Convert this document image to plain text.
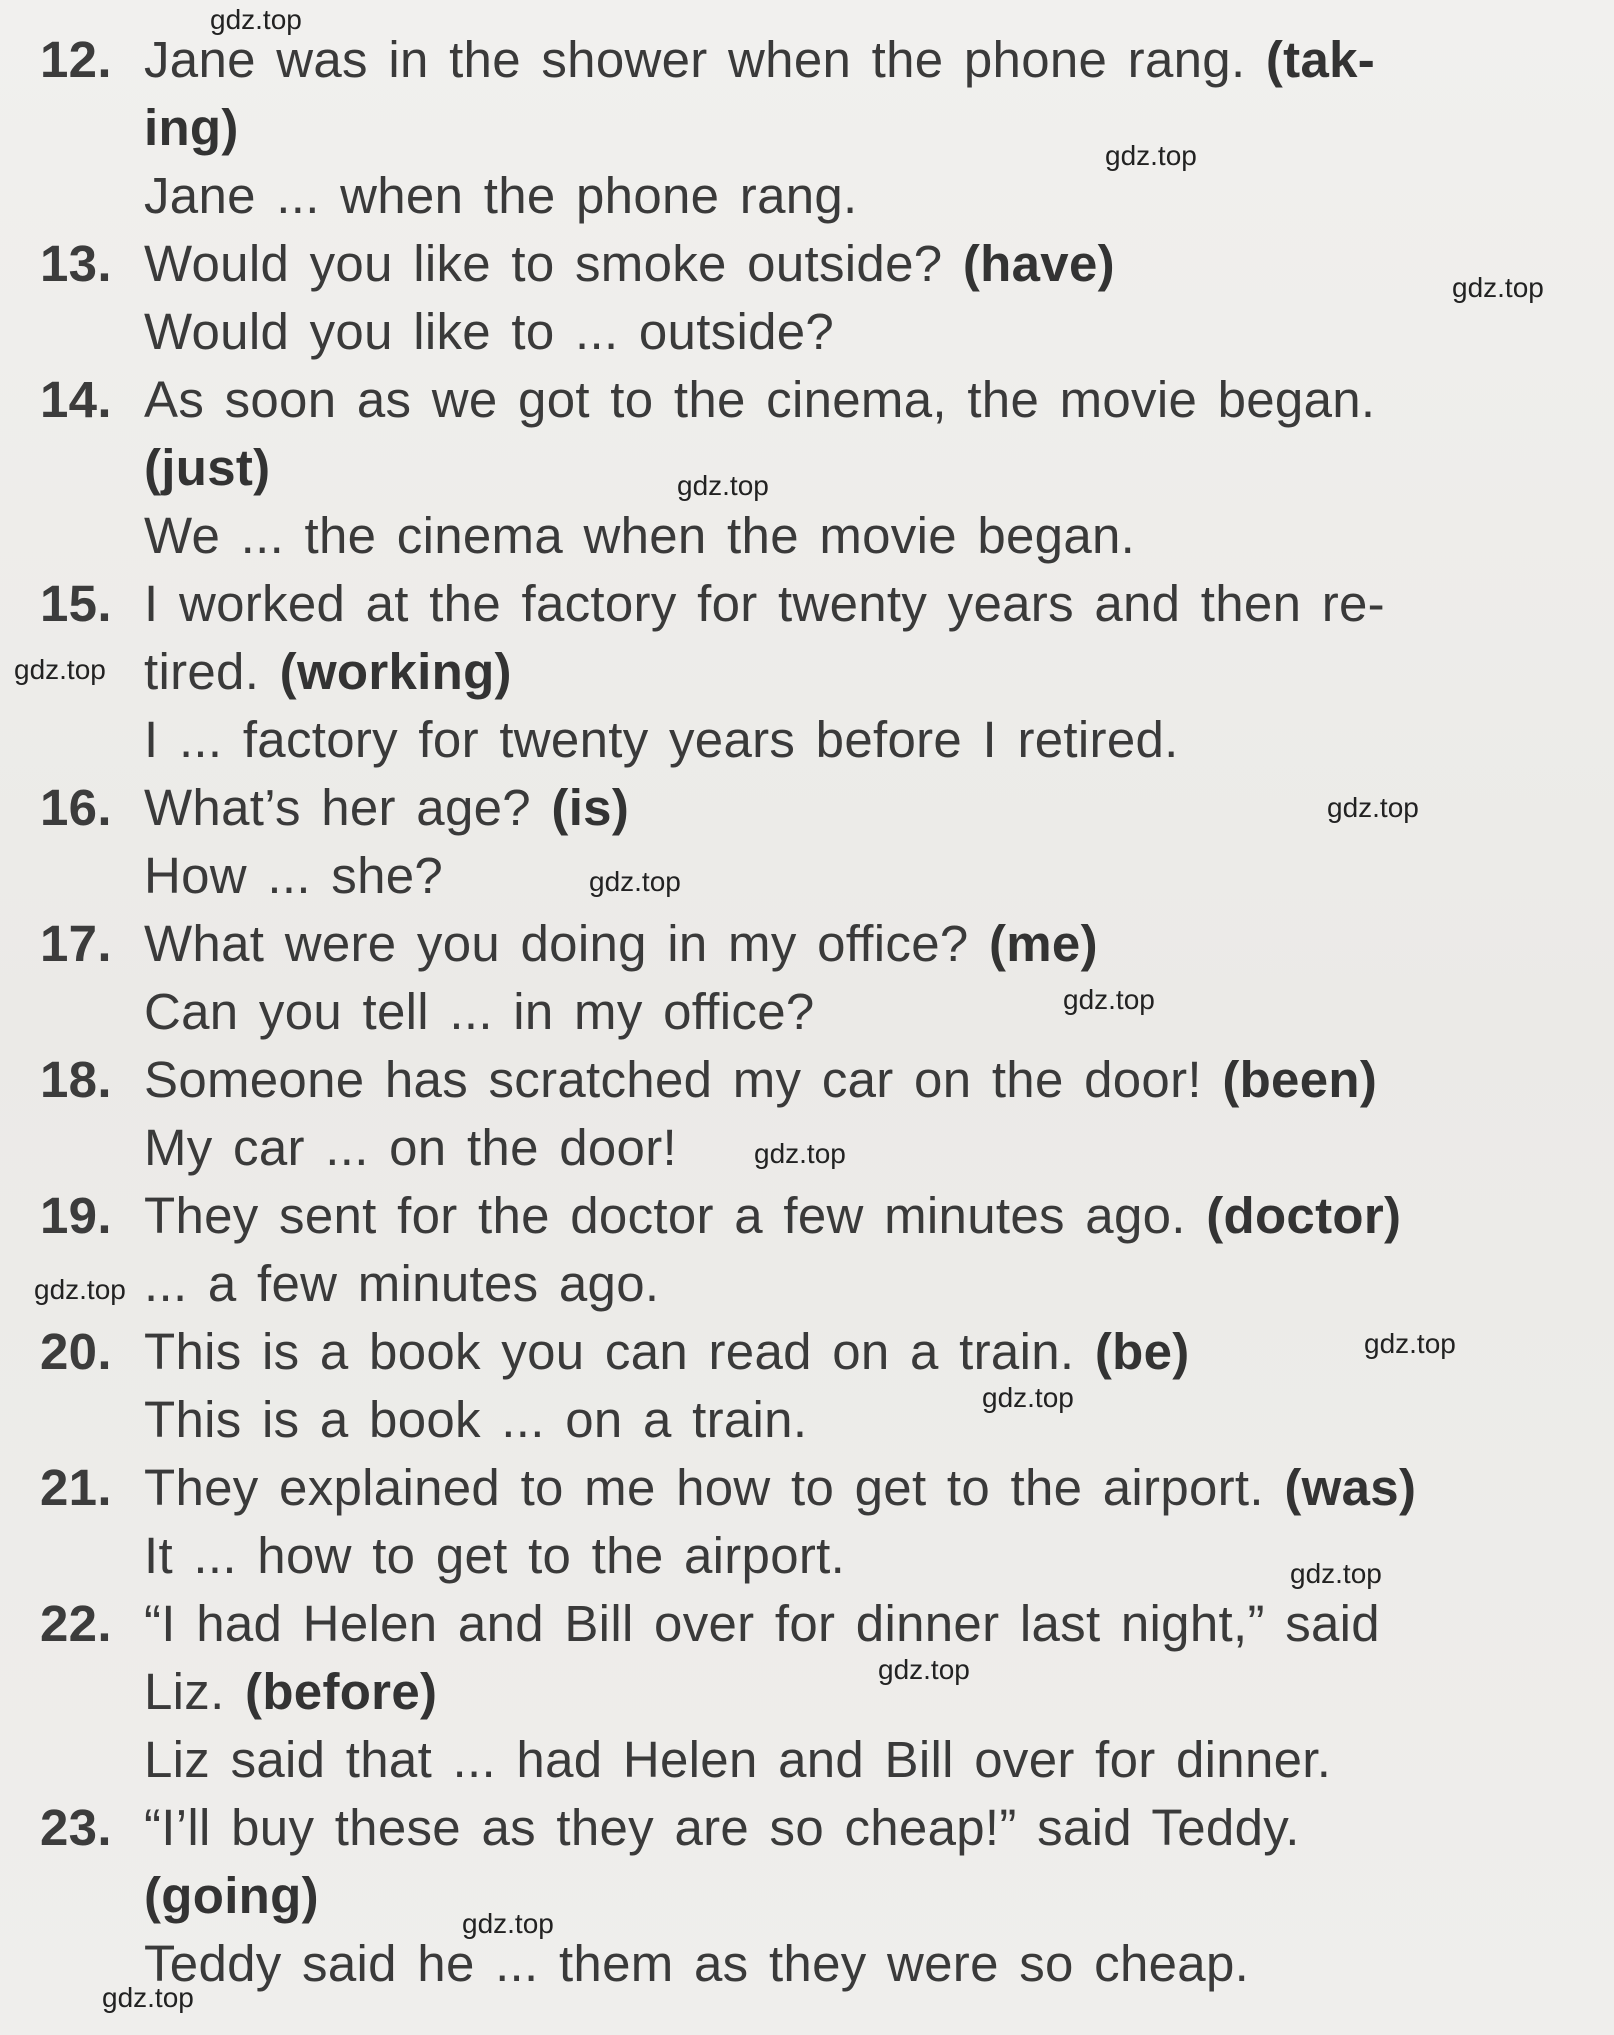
12. Jane was in the shower when the phone rang. (tak-
ing)
Jane ... when the phone rang.
13. Would you like to smoke outside? (have)
Would you like to ... outside?
14. As soon as we got to the cinema, the movie began.
(just)
We ... the cinema when the movie began.
15. I worked at the factory for twenty years and then re-
tired. (working)
I ... factory for twenty years before I retired.
16. What’s her age? (is)
How ... she?
17. What were you doing in my office? (me)
Can you tell ... in my office?
18. Someone has scratched my car on the door! (been)
My car ... on the door!
19. They sent for the doctor a few minutes ago. (doctor)
... a few minutes ago.
20. This is a book you can read on a train. (be)
This is a book ... on a train.
21. They explained to me how to get to the airport. (was)
It ... how to get to the airport.
22. “I had Helen and Bill over for dinner last night,” said
Liz. (before)
Liz said that ... had Helen and Bill over for dinner.
23. “I’ll buy these as they are so cheap!” said Teddy.
(going)
Teddy said he ... them as they were so cheap.
gdz.top
gdz.top
gdz.top
gdz.top
gdz.top
gdz.top
gdz.top
gdz.top
gdz.top
gdz.top
gdz.top
gdz.top
gdz.top
gdz.top
gdz.top
gdz.top
